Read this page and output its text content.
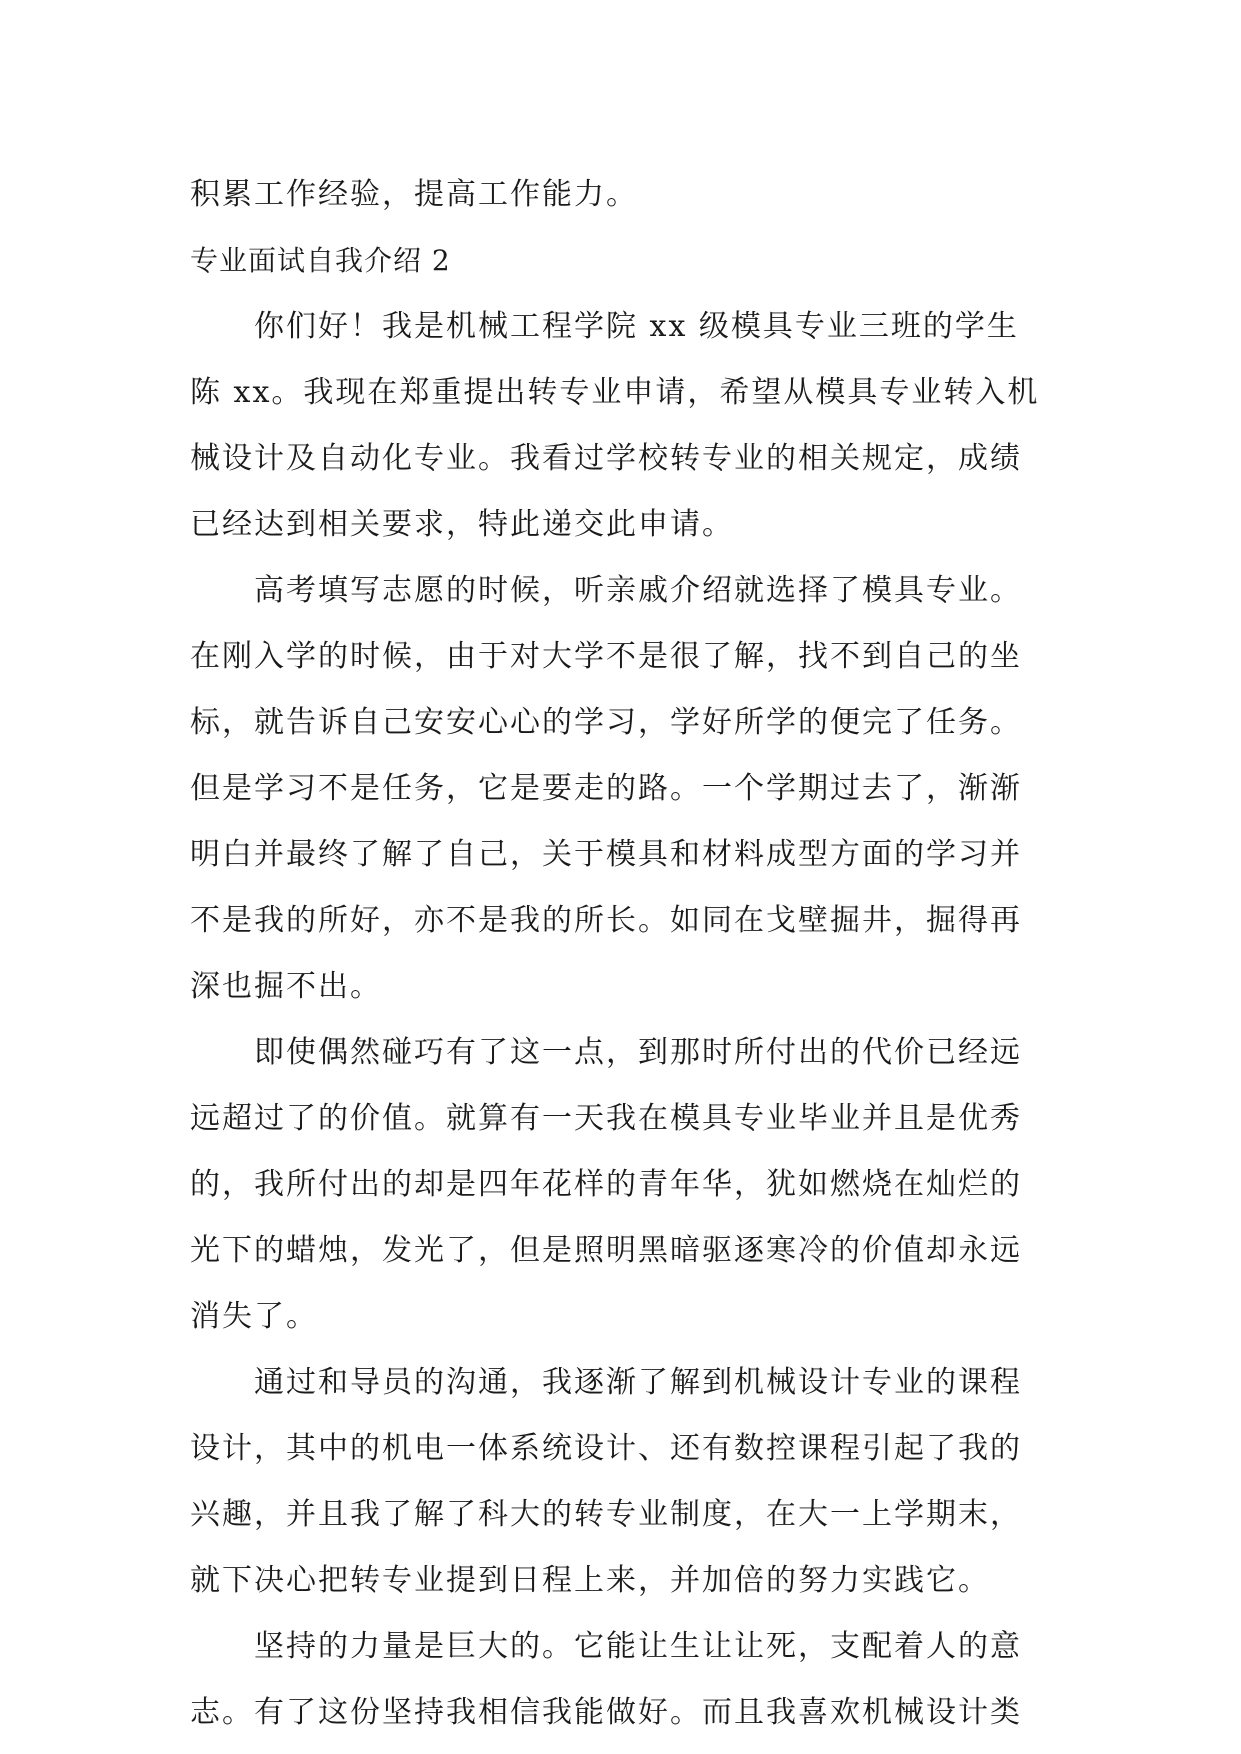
积累工作经验，提高工作能力。
专业面试自我介绍 2
你们好！我是机械工程学院 xx 级模具专业三班的学生
陈 xx。我现在郑重提出转专业申请，希望从模具专业转入机
械设计及自动化专业。我看过学校转专业的相关规定，成绩
已经达到相关要求，特此递交此申请。
高考填写志愿的时候，听亲戚介绍就选择了模具专业。
在刚入学的时候，由于对大学不是很了解，找不到自己的坐
标，就告诉自己安安心心的学习，学好所学的便完了任务。
但是学习不是任务，它是要走的路。一个学期过去了，渐渐
明白并最终了解了自己，关于模具和材料成型方面的学习并
不是我的所好，亦不是我的所长。如同在戈壁掘井，掘得再
深也掘不出。
即使偶然碰巧有了这一点，到那时所付出的代价已经远
远超过了的价值。就算有一天我在模具专业毕业并且是优秀
的，我所付出的却是四年花样的青年华，犹如燃烧在灿烂的
光下的蜡烛，发光了，但是照明黑暗驱逐寒冷的价值却永远
消失了。
通过和导员的沟通，我逐渐了解到机械设计专业的课程
设计，其中的机电一体系统设计、还有数控课程引起了我的
兴趣，并且我了解了科大的转专业制度，在大一上学期末，
就下决心把转专业提到日程上来，并加倍的努力实践它。
坚持的力量是巨大的。它能让生让让死，支配着人的意
志。有了这份坚持我相信我能做好。而且我喜欢机械设计类
